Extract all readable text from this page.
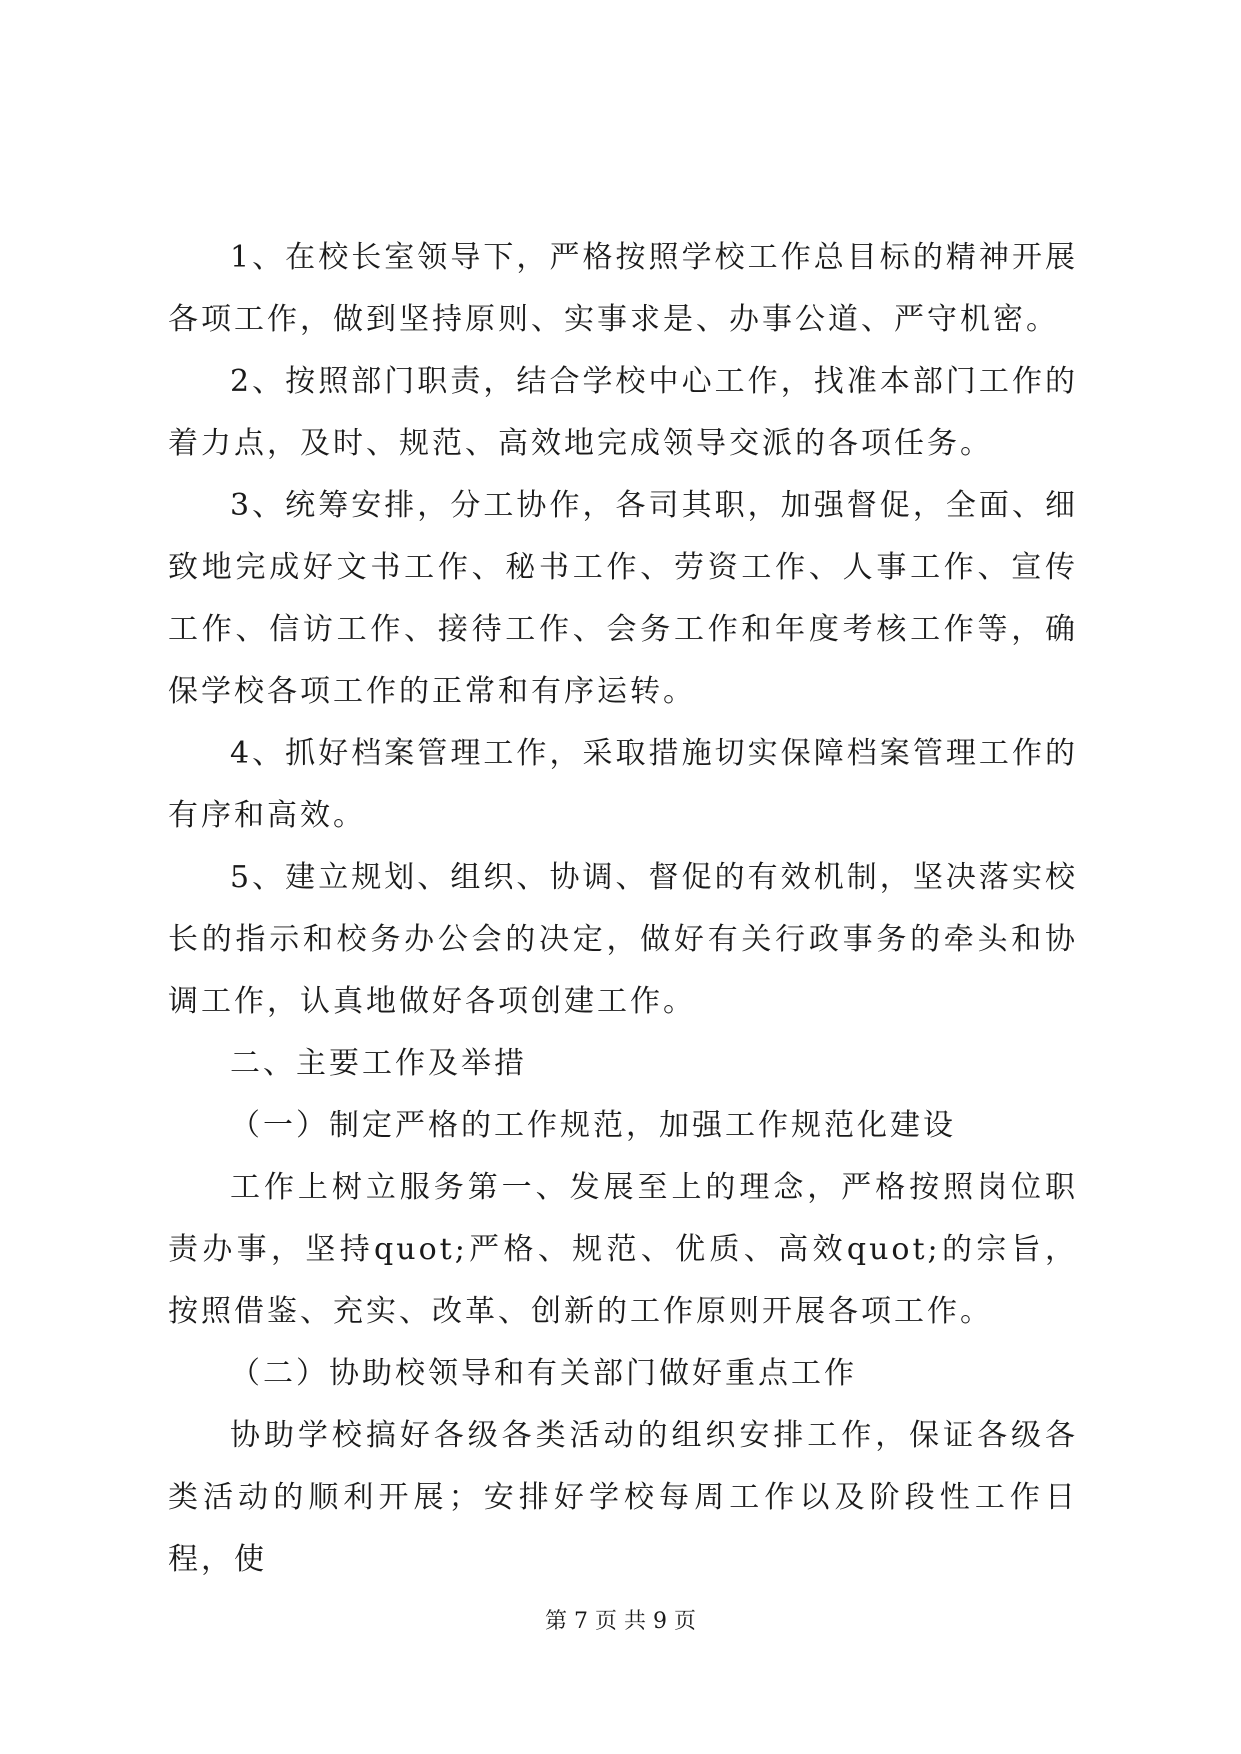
1、在校长室领导下，严格按照学校工作总目标的精神开展各项工作，做到坚持原则、实事求是、办事公道、严守机密。

2、按照部门职责，结合学校中心工作，找准本部门工作的着力点，及时、规范、高效地完成领导交派的各项任务。

3、统筹安排，分工协作，各司其职，加强督促，全面、细致地完成好文书工作、秘书工作、劳资工作、人事工作、宣传工作、信访工作、接待工作、会务工作和年度考核工作等，确保学校各项工作的正常和有序运转。

4、抓好档案管理工作，采取措施切实保障档案管理工作的有序和高效。

5、建立规划、组织、协调、督促的有效机制，坚决落实校长的指示和校务办公会的决定，做好有关行政事务的牵头和协调工作，认真地做好各项创建工作。

二、主要工作及举措

（一）制定严格的工作规范，加强工作规范化建设

工作上树立服务第一、发展至上的理念，严格按照岗位职责办事，坚持quot;严格、规范、优质、高效quot;的宗旨，按照借鉴、充实、改革、创新的工作原则开展各项工作。

（二）协助校领导和有关部门做好重点工作

协助学校搞好各级各类活动的组织安排工作，保证各级各类活动的顺利开展；安排好学校每周工作以及阶段性工作日程，使

第 7 页 共 9 页
